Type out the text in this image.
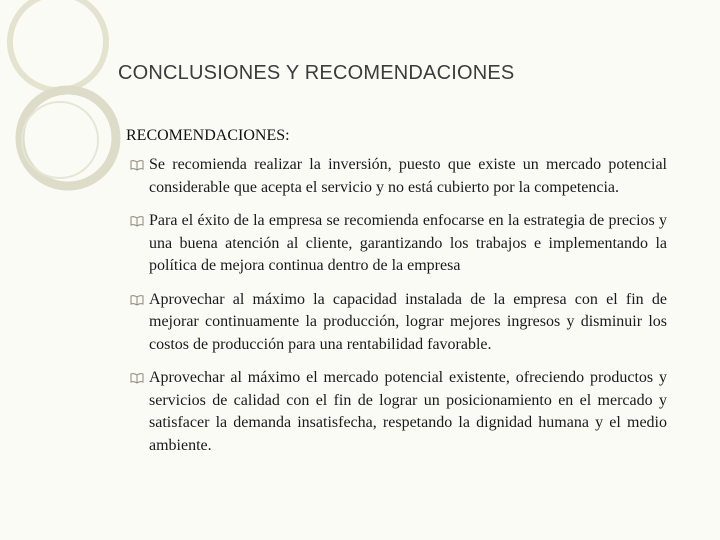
CONCLUSIONES Y RECOMENDACIONES
RECOMENDACIONES:
Se recomienda realizar la inversión, puesto que existe un mercado potencial considerable que acepta el servicio y no está cubierto por la competencia.
Para el éxito de la empresa se recomienda enfocarse en la estrategia de precios y una buena atención al cliente, garantizando los trabajos e implementando la política de mejora continua dentro de la empresa
Aprovechar al máximo la capacidad instalada de la empresa con el fin de mejorar continuamente la producción, lograr mejores ingresos y disminuir los costos de producción para una rentabilidad favorable.
Aprovechar al máximo el mercado potencial existente, ofreciendo productos y servicios de calidad con el fin de lograr un posicionamiento en el mercado y satisfacer la demanda insatisfecha, respetando la dignidad humana y el medio ambiente.
